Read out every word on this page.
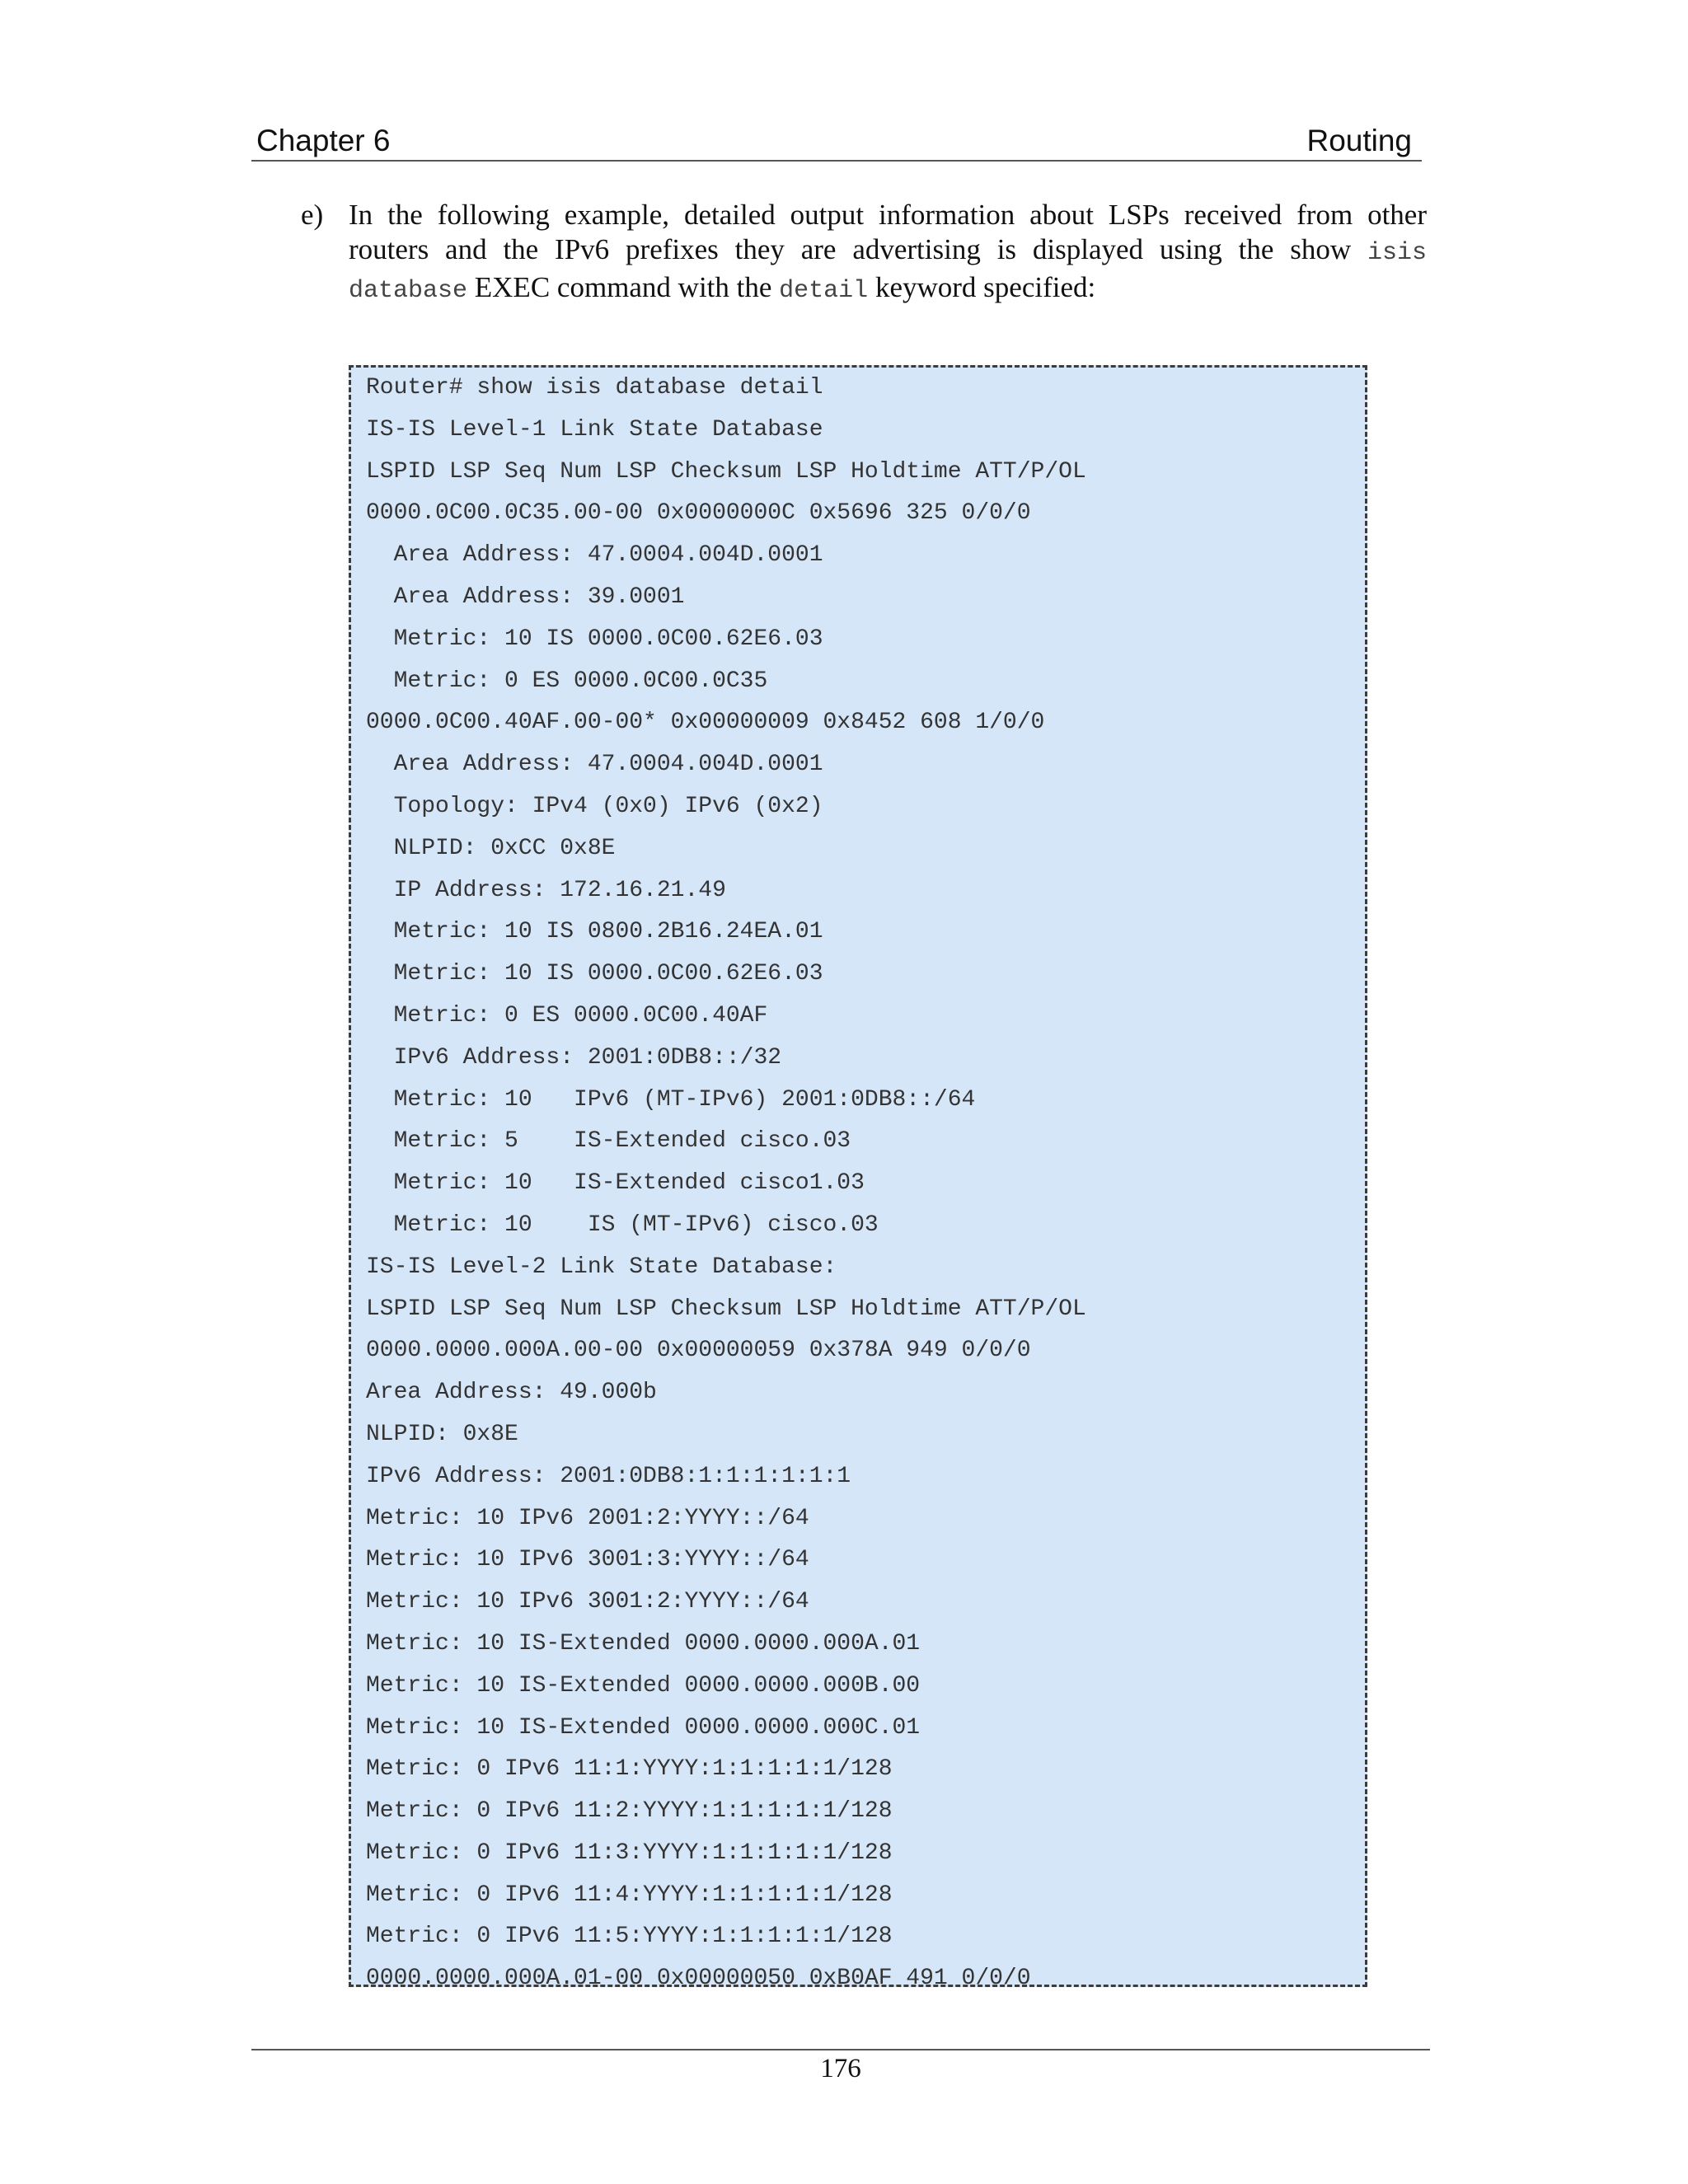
Chapter 6	Routing
e) In the following example, detailed output information about LSPs received from other routers and the IPv6 prefixes they are advertising is displayed using the show isis database EXEC command with the detail keyword specified:
Router# show isis database detail
IS-IS Level-1 Link State Database
LSPID LSP Seq Num LSP Checksum LSP Holdtime ATT/P/OL
0000.0C00.0C35.00-00 0x0000000C 0x5696 325 0/0/0
Area Address: 47.0004.004D.0001
Area Address: 39.0001
Metric: 10 IS 0000.0C00.62E6.03
Metric: 0 ES 0000.0C00.0C35
0000.0C00.40AF.00-00* 0x00000009 0x8452 608 1/0/0
Area Address: 47.0004.004D.0001
Topology: IPv4 (0x0) IPv6 (0x2)
NLPID: 0xCC 0x8E
IP Address: 172.16.21.49
Metric: 10 IS 0800.2B16.24EA.01
Metric: 10 IS 0000.0C00.62E6.03
Metric: 0 ES 0000.0C00.40AF
IPv6 Address: 2001:0DB8::/32
Metric: 10   IPv6 (MT-IPv6) 2001:0DB8::/64
Metric: 5    IS-Extended cisco.03
Metric: 10   IS-Extended cisco1.03
Metric: 10    IS (MT-IPv6) cisco.03
IS-IS Level-2 Link State Database:
LSPID LSP Seq Num LSP Checksum LSP Holdtime ATT/P/OL
0000.0000.000A.00-00 0x00000059 0x378A 949 0/0/0
Area Address: 49.000b
NLPID: 0x8E
IPv6 Address: 2001:0DB8:1:1:1:1:1:1
Metric: 10 IPv6 2001:2:YYYY::/64
Metric: 10 IPv6 3001:3:YYYY::/64
Metric: 10 IPv6 3001:2:YYYY::/64
Metric: 10 IS-Extended 0000.0000.000A.01
Metric: 10 IS-Extended 0000.0000.000B.00
Metric: 10 IS-Extended 0000.0000.000C.01
Metric: 0 IPv6 11:1:YYYY:1:1:1:1:1/128
Metric: 0 IPv6 11:2:YYYY:1:1:1:1:1/128
Metric: 0 IPv6 11:3:YYYY:1:1:1:1:1/128
Metric: 0 IPv6 11:4:YYYY:1:1:1:1:1/128
Metric: 0 IPv6 11:5:YYYY:1:1:1:1:1/128
0000.0000.000A.01-00 0x00000050 0xB0AF 491 0/0/0
176
